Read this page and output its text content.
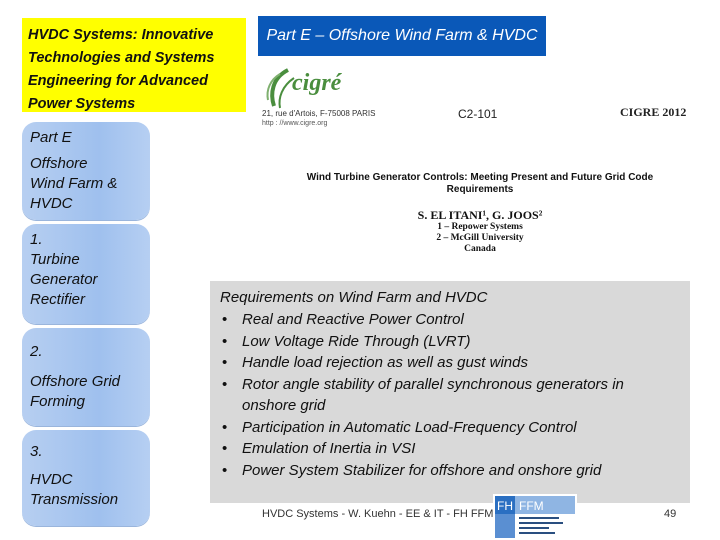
HVDC Systems: Innovative
Technologies and Systems
Engineering for Advanced
Power Systems
Part E – Offshore Wind Farm & HVDC
Part E
Offshore
Wind Farm &
HVDC
1.
Turbine
Generator
Rectifier
2.
Offshore Grid
Forming
3.
HVDC
Transmission
cigré
21, rue d'Artois, F-75008 PARIS
http : //www.cigre.org
C2-101	CIGRE 2012
Wind Turbine Generator Controls: Meeting Present and Future Grid Code
Requirements
S. EL ITANI¹, G. JOOS²
1 – Repower Systems
2 – McGill University
Canada
Requirements on Wind Farm and HVDC
• Real and Reactive Power Control
• Low Voltage Ride Through (LVRT)
• Handle load rejection as well as gust winds
• Rotor angle stability of parallel synchronous generators in onshore grid
• Participation in Automatic Load-Frequency Control
• Emulation of Inertia in VSI
• Power System Stabilizer for offshore and onshore grid
HVDC Systems - W. Kuehn - EE & IT - FH FFM
FH FFM
49
